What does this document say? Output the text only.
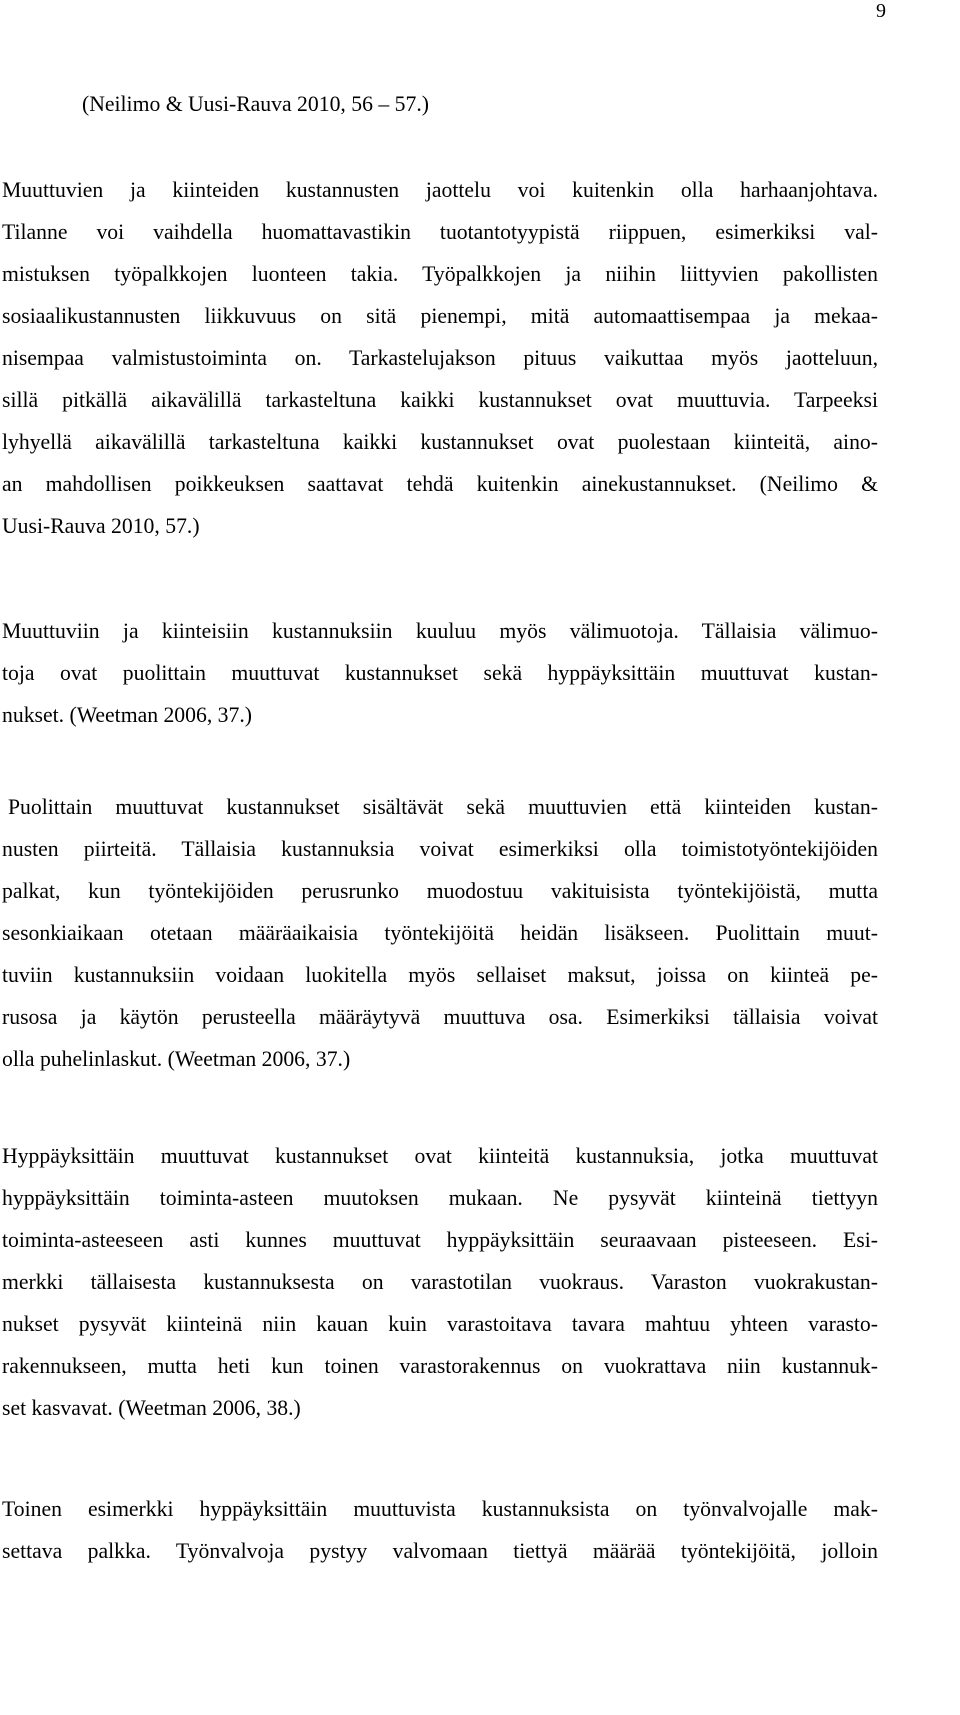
9
(Neilimo & Uusi-Rauva 2010, 56 – 57.)
Muuttuvien ja kiinteiden kustannusten jaottelu voi kuitenkin olla harhaanjohtava.
Tilanne voi vaihdella huomattavastikin tuotantotyypistä riippuen, esimerkiksi val-
mistuksen työpalkkojen luonteen takia. Työpalkkojen ja niihin liittyvien pakollisten
sosiaalikustannusten liikkuvuus on sitä pienempi, mitä automaattisempaa ja mekaa-
nisempaa valmistustoiminta on. Tarkastelujakson pituus vaikuttaa myös jaotteluun,
sillä pitkällä aikavälillä tarkasteltuna kaikki kustannukset ovat muuttuvia. Tarpeeksi
lyhyellä aikavälillä tarkasteltuna kaikki kustannukset ovat puolestaan kiinteitä, aino-
an mahdollisen poikkeuksen saattavat tehdä kuitenkin ainekustannukset. (Neilimo &
Uusi-Rauva 2010, 57.)
Muuttuviin ja kiinteisiin kustannuksiin kuuluu myös välimuotoja. Tällaisia välimuo-
toja ovat puolittain muuttuvat kustannukset sekä hyppäyksittäin muuttuvat kustan-
nukset. (Weetman 2006, 37.)
Puolittain muuttuvat kustannukset sisältävät sekä muuttuvien että kiinteiden kustan-
nusten piirteitä. Tällaisia kustannuksia voivat esimerkiksi olla toimistotyöntekijöiden
palkat, kun työntekijöiden perusrunko muodostuu vakituisista työntekijöistä, mutta
sesonkiaikaan otetaan määräaikaisia työntekijöitä heidän lisäkseen. Puolittain muut-
tuviin kustannuksiin voidaan luokitella myös sellaiset maksut, joissa on kiinteä pe-
rusosa ja käytön perusteella määräytyvä muuttuva osa. Esimerkiksi tällaisia voivat
olla puhelinlaskut. (Weetman 2006, 37.)
Hyppäyksittäin muuttuvat kustannukset ovat kiinteitä kustannuksia, jotka muuttuvat
hyppäyksittäin toiminta-asteen muutoksen mukaan. Ne pysyvät kiinteinä tiettyyn
toiminta-asteeseen asti kunnes muuttuvat hyppäyksittäin seuraavaan pisteeseen. Esi-
merkki tällaisesta kustannuksesta on varastotilan vuokraus. Varaston vuokrakustan-
nukset pysyvät kiinteinä niin kauan kuin varastoitava tavara mahtuu yhteen varasto-
rakennukseen, mutta heti kun toinen varastorakennus on vuokrattava niin kustannuk-
set kasvavat. (Weetman 2006, 38.)
Toinen esimerkki hyppäyksittäin muuttuvista kustannuksista on työnvalvojalle mak-
settava palkka. Työnvalvoja pystyy valvomaan tiettyä määrää työntekijöitä, jolloin
